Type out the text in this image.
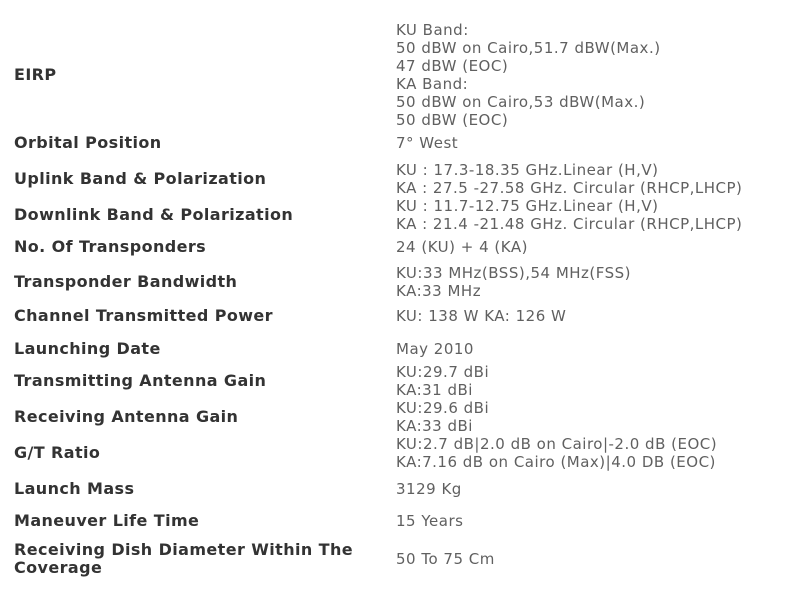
EIRP
KU Band:
50 dBW on Cairo,51.7 dBW(Max.)
47 dBW (EOC)
KA Band:
50 dBW on Cairo,53 dBW(Max.)
50 dBW (EOC)
Orbital Position	7° West
Uplink Band & Polarization	KU : 17.3-18.35 GHz.Linear (H,V)
KA : 27.5 -27.58 GHz. Circular (RHCP,LHCP)
Downlink Band & Polarization	KU : 11.7-12.75 GHz.Linear (H,V)
KA : 21.4 -21.48 GHz. Circular (RHCP,LHCP)
No. Of Transponders	24 (KU) + 4 (KA)
Transponder Bandwidth	KU:33 MHz(BSS),54 MHz(FSS)
KA:33 MHz
Channel Transmitted Power	KU: 138 W KA: 126 W
Launching Date	May 2010
Transmitting Antenna Gain	KU:29.7 dBi
KA:31 dBi
Receiving Antenna Gain	KU:29.6 dBi
KA:33 dBi
G/T Ratio	KU:2.7 dB|2.0 dB on Cairo|-2.0 dB (EOC)
KA:7.16 dB on Cairo (Max)|4.0 DB (EOC)
Launch Mass	3129 Kg
Maneuver Life Time	15 Years
Receiving Dish Diameter Within The Coverage	50 To 75 Cm
